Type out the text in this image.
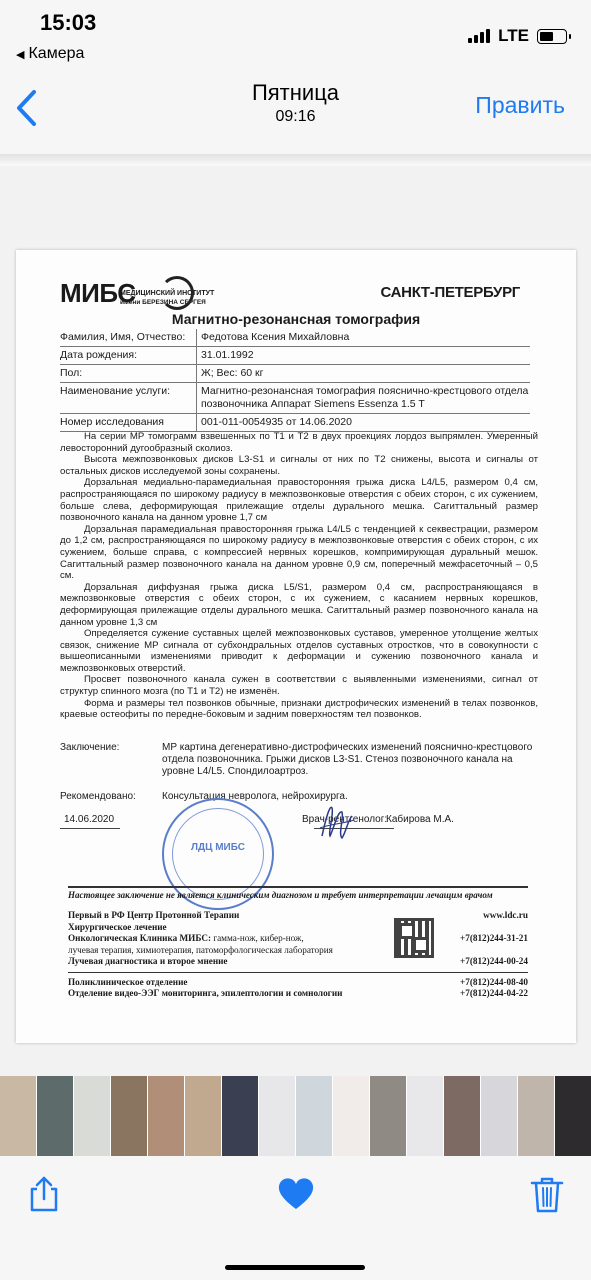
15:03
◀ Камера
LTE
Пятница
09:16	Править
МИБС
МЕДИЦИНСКИЙ ИНСТИТУТ
имени БЕРЕЗИНА СЕРГЕЯ
САНКТ-ПЕТЕРБУРГ
Магнитно-резонансная томография
Фамилия, Имя, Отчество:	Федотова Ксения Михайловна
Дата рождения:	31.01.1992
Пол:	Ж; Вес: 60 кг
Наименование услуги:	Магнитно-резонансная томография пояснично-крестцового отдела позвоночника Аппарат Siemens Essenza 1.5 T
Номер исследования	001-011-0054935 от 14.06.2020

На серии МР томограмм взвешенных по Т1 и Т2 в двух проекциях лордоз выпрямлен. Умеренный левосторонний дугообразный сколиоз.

Высота межпозвонковых дисков L3-S1 и сигналы от них по Т2 снижены, высота и сигналы от остальных дисков исследуемой зоны сохранены.

Дорзальная медиально-парамедиальная правосторонняя грыжа диска L4/L5, размером 0,4 см, распространяющаяся по широкому радиусу в межпозвонковые отверстия с обеих сторон, с их сужением, больше слева, деформирующая прилежащие отделы дурального мешка. Сагиттальный размер позвоночного канала на данном уровне 1,7 см

Дорзальная парамедиальная правосторонняя грыжа L4/L5 с тенденцией к секвестрации, размером до 1,2 см, распространяющаяся по широкому радиусу в межпозвонковые отверстия с обеих сторон, с их сужением, больше справа, с компрессией нервных корешков, компримирующая дуральный мешок. Сагиттальный размер позвоночного канала на данном уровне 0,9 см, поперечный межфасеточный – 0,5 см.

Дорзальная диффузная грыжа диска L5/S1, размером 0,4 см, распространяющаяся в межпозвонковые отверстия с обеих сторон, с их сужением, с касанием нервных корешков, деформирующая прилежащие отделы дурального мешка. Сагиттальный размер позвоночного канала на данном уровне 1,3 см

Определяется сужение суставных щелей межпозвонковых суставов, умеренное утолщение желтых связок, снижение МР сигнала от субхондральных отделов суставных отростков, что в совокупности с вышеописанными изменениями приводит к деформации и сужению позвоночного канала и межпозвонковых отверстий.

Просвет позвоночного канала сужен в соответствии с выявленными изменениями, сигнал от структур спинного мозга (по Т1 и Т2) не изменён.

Форма и размеры тел позвонков обычные, признаки дистрофических изменений в телах позвонков, краевые остеофиты по передне-боковым и задним поверхностям тел позвонков.

Заключение:	МР картина дегенеративно-дистрофических изменений пояснично-крестцового отдела позвоночника. Грыжи дисков L3-S1. Стеноз позвоночного канала на уровне L4/L5. Спондилоартроз.
Рекомендовано:	Консультация невролога, нейрохирурга.
ЛДЦ МИБС
14.06.2020	Врач-рентгенолог:
Кабирова М.А.
Настоящее заключение не является клиническим диагнозом и требует интерпретации лечащим врачом
Первый в РФ Центр Протонной Терапии	www.ldc.ru
Хирургическое лечение
Онкологическая Клиника МИБС: гамма-нож, кибер-нож,	+7(812)244-31-21
лучевая терапия, химиотерапия, патоморфологическая лаборатория
Лучевая диагностика и второе мнение	+7(812)244-00-24
Поликлиническое отделение	+7(812)244-08-40
Отделение видео-ЭЭГ мониторинга, эпилептологии и сомнологии	+7(812)244-04-22
